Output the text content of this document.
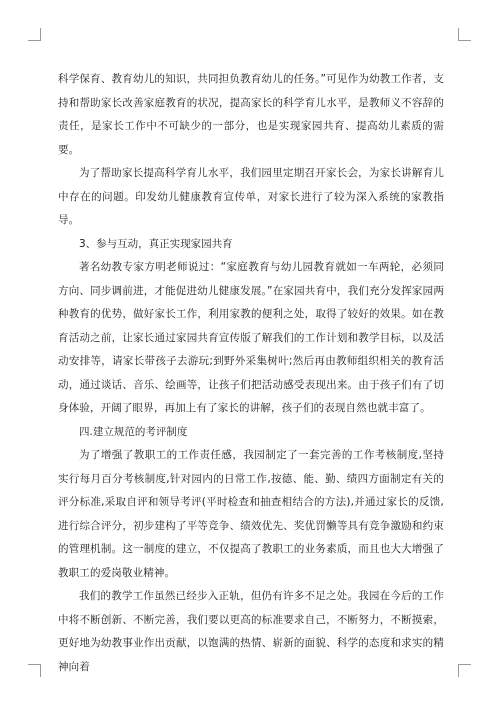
科学保育、教育幼儿的知识，共同担负教育幼儿的任务。”可见作为幼教工作者，支持和帮助家长改善家庭教育的状况，提高家长的科学育儿水平，是教师义不容辞的责任，是家长工作中不可缺少的一部分，也是实现家园共育、提高幼儿素质的需要。

为了帮助家长提高科学育儿水平，我们园里定期召开家长会，为家长讲解育儿中存在的问题。印发幼儿健康教育宣传单，对家长进行了较为深入系统的家教指导。

3、参与互动，真正实现家园共育

著名幼教专家方明老师说过：“家庭教育与幼儿园教育就如一车两轮，必须同方向、同步调前进，才能促进幼儿健康发展。”在家园共育中，我们充分发挥家园两种教育的优势，做好家长工作，利用家教的便利之处，取得了较好的效果。如在教育活动之前，让家长通过家园共育宣传版了解我们的工作计划和教学目标，以及活动安排等，请家长带孩子去游玩;到野外采集树叶;然后再由教师组织相关的教育活动，通过谈话、音乐、绘画等，让孩子们把活动感受表现出来。由于孩子们有了切身体验，开阔了眼界，再加上有了家长的讲解，孩子们的表现自然也就丰富了。

四.建立规范的考评制度

为了增强了教职工的工作责任感，我园制定了一套完善的工作考核制度,坚持实行每月百分考核制度,针对园内的日常工作,按德、能、勤、绩四方面制定有关的评分标准,采取自评和领导考评(平时检查和抽查相结合的方法),并通过家长的反馈,进行综合评分，初步建构了平等竞争、绩效优先、奖优罚懒等具有竞争激励和约束的管理机制。这一制度的建立，不仅提高了教职工的业务素质，而且也大大增强了教职工的爱岗敬业精神。

我们的教学工作虽然已经步入正轨，但仍有许多不足之处。我园在今后的工作中将不断创新、不断完善，我们要以更高的标准要求自己，不断努力，不断摸索，更好地为幼教事业作出贡献，以饱满的热情、崭新的面貌、科学的态度和求实的精神向着
